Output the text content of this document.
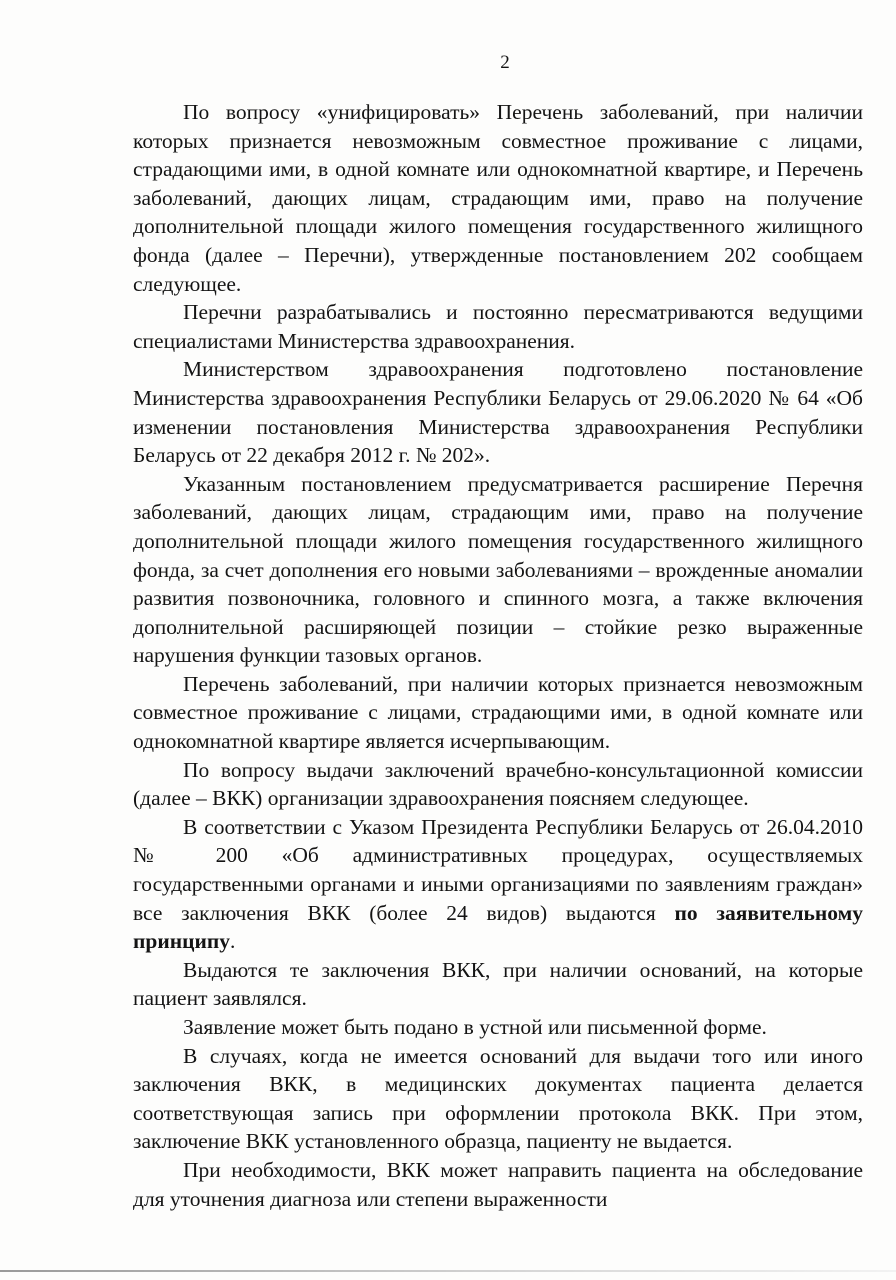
2

По вопросу «унифицировать» Перечень заболеваний, при наличии которых признается невозможным совместное проживание с лицами, страдающими ими, в одной комнате или однокомнатной квартире, и Перечень заболеваний, дающих лицам, страдающим ими, право на получение дополнительной площади жилого помещения государственного жилищного фонда (далее – Перечни), утвержденные постановлением 202 сообщаем следующее.

Перечни разрабатывались и постоянно пересматриваются ведущими специалистами Министерства здравоохранения.

Министерством здравоохранения подготовлено постановление Министерства здравоохранения Республики Беларусь от 29.06.2020 № 64 «Об изменении постановления Министерства здравоохранения Республики Беларусь от 22 декабря 2012 г. № 202».

Указанным постановлением предусматривается расширение Перечня заболеваний, дающих лицам, страдающим ими, право на получение дополнительной площади жилого помещения государственного жилищного фонда, за счет дополнения его новыми заболеваниями – врожденные аномалии развития позвоночника, головного и спинного мозга, а также включения дополнительной расширяющей позиции – стойкие резко выраженные нарушения функции тазовых органов.

Перечень заболеваний, при наличии которых признается невозможным совместное проживание с лицами, страдающими ими, в одной комнате или однокомнатной квартире является исчерпывающим.

По вопросу выдачи заключений врачебно-консультационной комиссии (далее – ВКК) организации здравоохранения поясняем следующее.

В соответствии с Указом Президента Республики Беларусь от 26.04.2010 № 200 «Об административных процедурах, осуществляемых государственными органами и иными организациями по заявлениям граждан» все заключения ВКК (более 24 видов) выдаются по заявительному принципу.

Выдаются те заключения ВКК, при наличии оснований, на которые пациент заявлялся.

Заявление может быть подано в устной или письменной форме.

В случаях, когда не имеется оснований для выдачи того или иного заключения ВКК, в медицинских документах пациента делается соответствующая запись при оформлении протокола ВКК. При этом, заключение ВКК установленного образца, пациенту не выдается.

При необходимости, ВКК может направить пациента на обследование для уточнения диагноза или степени выраженности
